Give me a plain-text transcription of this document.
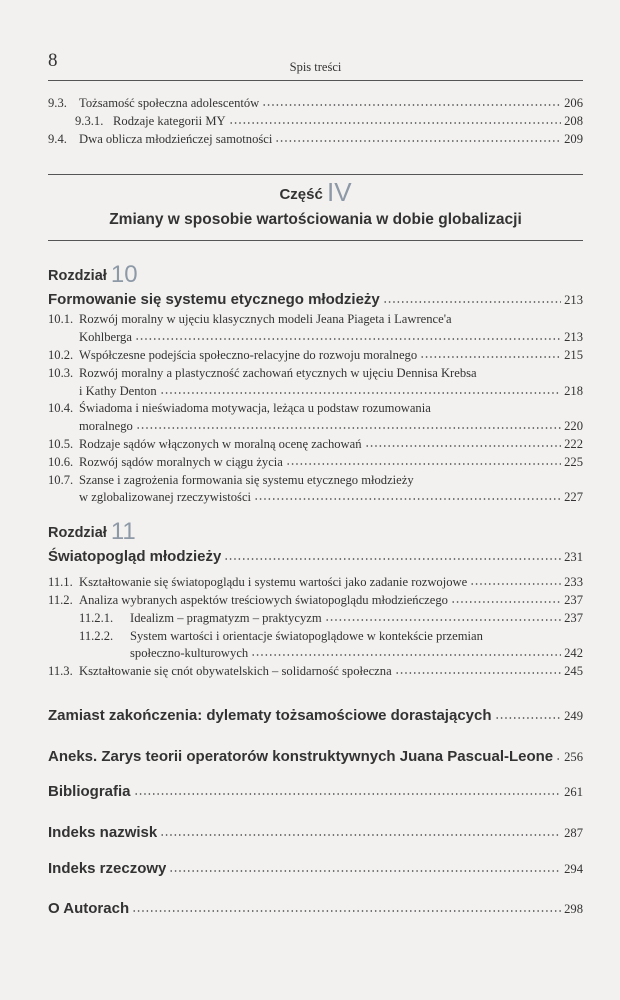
8	Spis treści
9.3. Tożsamość społeczna adolescentów	206
9.3.1. Rodzaje kategorii MY	208
9.4. Dwa oblicza młodzieńczej samotności	209
Część IV
Zmiany w sposobie wartościowania w dobie globalizacji
Rozdział 10
Formowanie się systemu etycznego młodzieży	213
10.1. Rozwój moralny w ujęciu klasycznych modeli Jeana Piageta i Lawrence'a
Kohlberga	213
10.2. Współczesne podejścia społeczno-relacyjne do rozwoju moralnego	215
10.3. Rozwój moralny a plastyczność zachowań etycznych w ujęciu Dennisa Krebsa
i Kathy Denton	218
10.4. Świadoma i nieświadoma motywacja, leżąca u podstaw rozumowania
moralnego	220
10.5. Rodzaje sądów włączonych w moralną ocenę zachowań	222
10.6. Rozwój sądów moralnych w ciągu życia	225
10.7. Szanse i zagrożenia formowania się systemu etycznego młodzieży
w zglobalizowanej rzeczywistości	227
Rozdział 11
Światopogląd młodzieży	231
11.1. Kształtowanie się światopoglądu i systemu wartości jako zadanie rozwojowe	233
11.2. Analiza wybranych aspektów treściowych światopoglądu młodzieńczego	237
11.2.1.	Idealizm – pragmatyzm – praktycyzm	237
11.2.2.	System wartości i orientacje światopoglądowe w kontekście przemian
społeczno-kulturowych	242
11.3. Kształtowanie się cnót obywatelskich – solidarność społeczna	245
Zamiast zakończenia: dylematy tożsamościowe dorastających	249
Aneks. Zarys teorii operatorów konstruktywnych Juana Pascual-Leone 256
Bibliografia	261
Indeks nazwisk	287
Indeks rzeczowy	294
O Autorach	298
